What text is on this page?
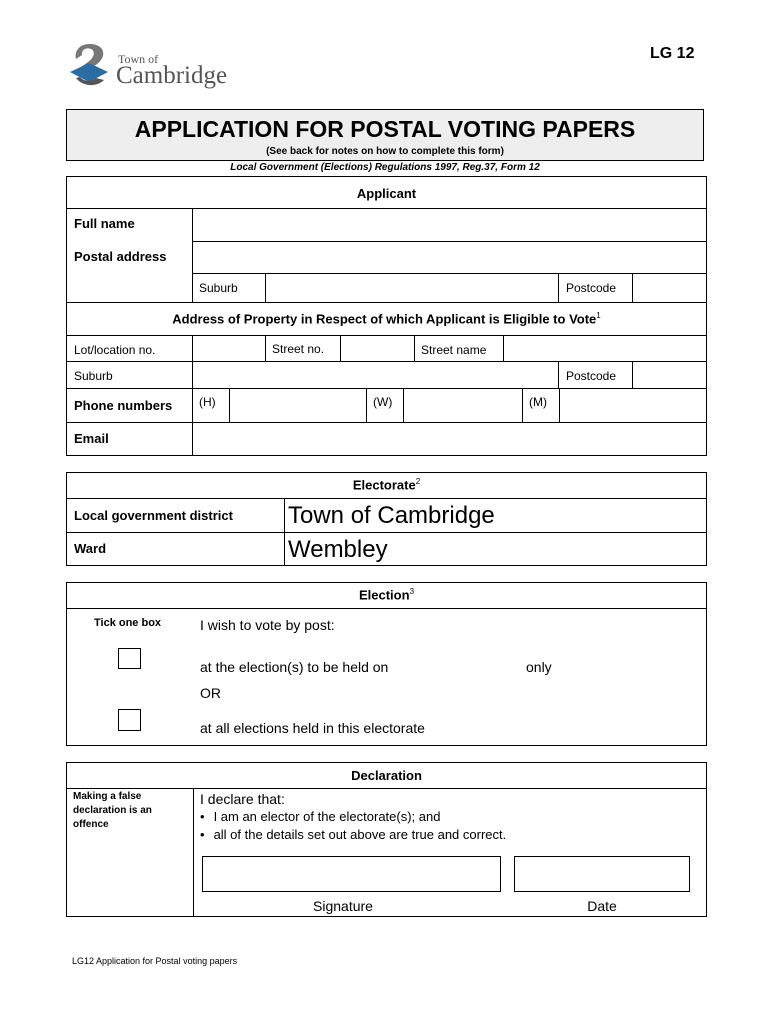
Town of
Cambridge
LG 12
APPLICATION FOR POSTAL VOTING PAPERS
(See back for notes on how to complete this form)
Local Government (Elections) Regulations 1997, Reg.37, Form 12
Applicant
Full name
Postal address
Suburb	Postcode
Address of Property in Respect of which Applicant is Eligible to Vote$^1$
Lot/location no.	Street no.	Street name
Suburb	Postcode
Phone numbers (H)	(W)	(M)
Email
Electorate$^2$
Local government district Town of Cambridge
Ward	Wembley
Election$^3$
Tick one box	I wish to vote by post:
at the election(s) to be held on	only
OR
at all elections held in this electorate
Declaration
Making a false declaration is an offence
I declare that:
• I am an elector of the electorate(s); and
• all of the details set out above are true and correct.
Signature	Date
LG12 Application for Postal voting papers
